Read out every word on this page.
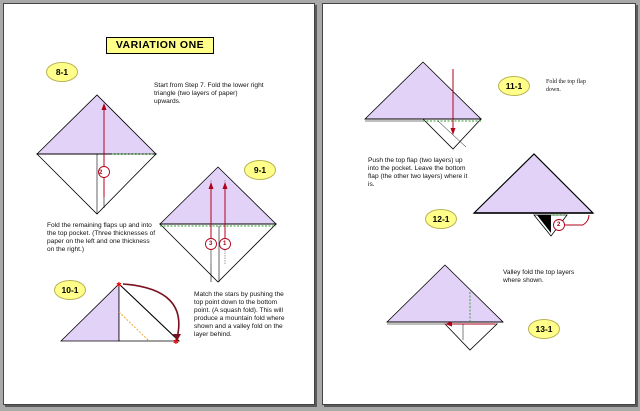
VARIATION ONE
8-1
Start from Step 7. Fold the lower right triangle (two layers of paper) upwards.
2	9-1
Fold the remaining flaps up and into the top pocket. (Three thicknesses of paper on the left and one thickness on the right.)
3 1
10-1	Match the stars by pushing the top point down to the bottom point. (A squash fold). This will produce a mountain fold where shown and a valley fold on the layer behind.
✱
✱
11-1	Fold the top flap down.
Push the top flap (two layers) up into the pocket. Leave the bottom flap (the other two layers) where it is.
12-1
2
Valley fold the top layers where shown.
13-1
